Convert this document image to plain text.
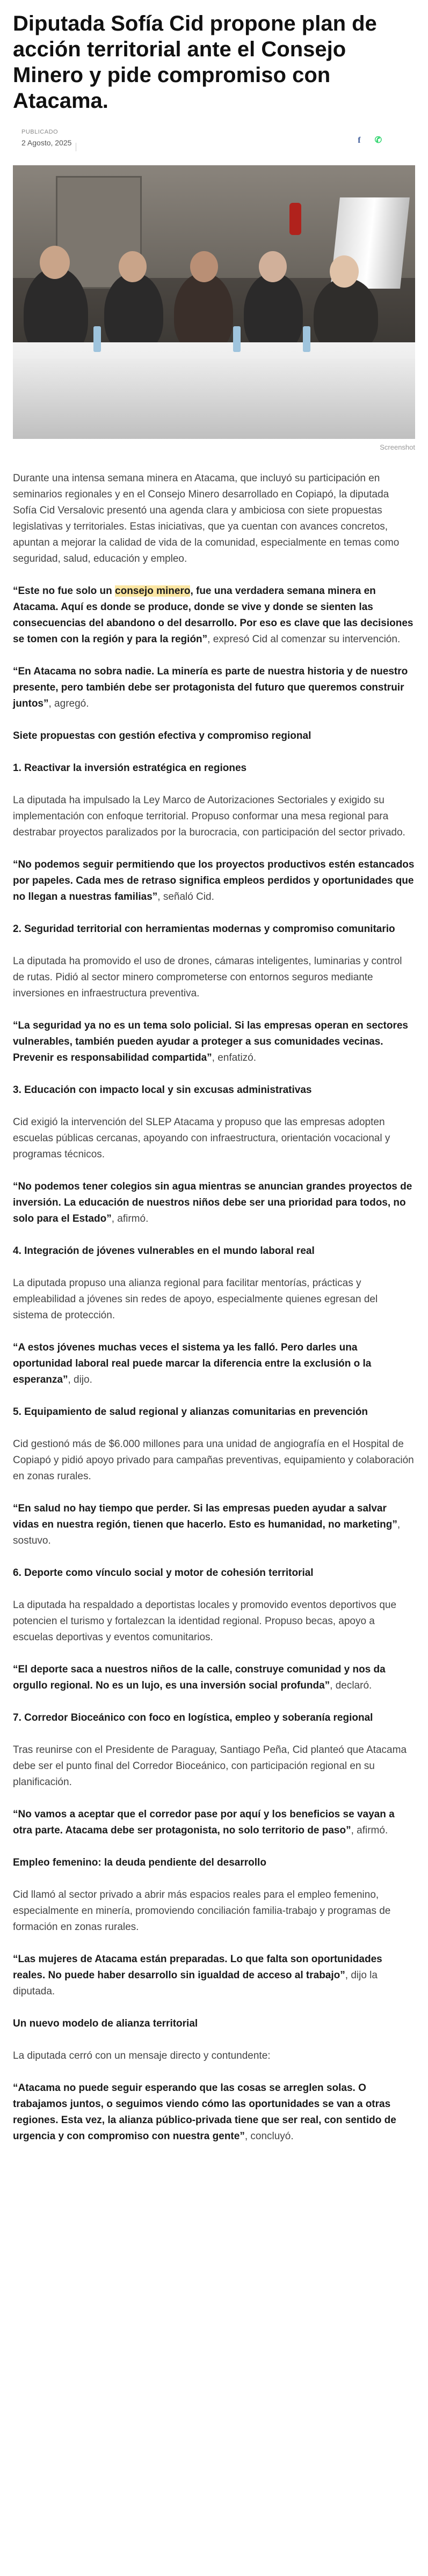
Diputada Sofía Cid propone plan de acción territorial ante el Consejo Minero y pide compromiso con Atacama.
PUBLICADO
2 Agosto, 2025	f ✆
Screenshot

Durante una intensa semana minera en Atacama, que incluyó su participación en seminarios regionales y en el Consejo Minero desarrollado en Copiapó, la diputada Sofía Cid Versalovic presentó una agenda clara y ambiciosa con siete propuestas legislativas y territoriales. Estas iniciativas, que ya cuentan con avances concretos, apuntan a mejorar la calidad de vida de la comunidad, especialmente en temas como seguridad, salud, educación y empleo.

“Este no fue solo un consejo minero, fue una verdadera semana minera en Atacama. Aquí es donde se produce, donde se vive y donde se sienten las consecuencias del abandono o del desarrollo. Por eso es clave que las decisiones se tomen con la región y para la región”, expresó Cid al comenzar su intervención.

“En Atacama no sobra nadie. La minería es parte de nuestra historia y de nuestro presente, pero también debe ser protagonista del futuro que queremos construir juntos”, agregó.

Siete propuestas con gestión efectiva y compromiso regional

1. Reactivar la inversión estratégica en regiones

La diputada ha impulsado la Ley Marco de Autorizaciones Sectoriales y exigido su implementación con enfoque territorial. Propuso conformar una mesa regional para destrabar proyectos paralizados por la burocracia, con participación del sector privado.

“No podemos seguir permitiendo que los proyectos productivos estén estancados por papeles. Cada mes de retraso significa empleos perdidos y oportunidades que no llegan a nuestras familias”, señaló Cid.

2. Seguridad territorial con herramientas modernas y compromiso comunitario

La diputada ha promovido el uso de drones, cámaras inteligentes, luminarias y control de rutas. Pidió al sector minero comprometerse con entornos seguros mediante inversiones en infraestructura preventiva.

“La seguridad ya no es un tema solo policial. Si las empresas operan en sectores vulnerables, también pueden ayudar a proteger a sus comunidades vecinas. Prevenir es responsabilidad compartida”, enfatizó.

3. Educación con impacto local y sin excusas administrativas

Cid exigió la intervención del SLEP Atacama y propuso que las empresas adopten escuelas públicas cercanas, apoyando con infraestructura, orientación vocacional y programas técnicos.

“No podemos tener colegios sin agua mientras se anuncian grandes proyectos de inversión. La educación de nuestros niños debe ser una prioridad para todos, no solo para el Estado”, afirmó.

4. Integración de jóvenes vulnerables en el mundo laboral real

La diputada propuso una alianza regional para facilitar mentorías, prácticas y empleabilidad a jóvenes sin redes de apoyo, especialmente quienes egresan del sistema de protección.

“A estos jóvenes muchas veces el sistema ya les falló. Pero darles una oportunidad laboral real puede marcar la diferencia entre la exclusión o la esperanza”, dijo.

5. Equipamiento de salud regional y alianzas comunitarias en prevención

Cid gestionó más de $6.000 millones para una unidad de angiografía en el Hospital de Copiapó y pidió apoyo privado para campañas preventivas, equipamiento y colaboración en zonas rurales.

“En salud no hay tiempo que perder. Si las empresas pueden ayudar a salvar vidas en nuestra región, tienen que hacerlo. Esto es humanidad, no marketing”, sostuvo.

6. Deporte como vínculo social y motor de cohesión territorial

La diputada ha respaldado a deportistas locales y promovido eventos deportivos que potencien el turismo y fortalezcan la identidad regional. Propuso becas, apoyo a escuelas deportivas y eventos comunitarios.

“El deporte saca a nuestros niños de la calle, construye comunidad y nos da orgullo regional. No es un lujo, es una inversión social profunda”, declaró.

7. Corredor Bioceánico con foco en logística, empleo y soberanía regional

Tras reunirse con el Presidente de Paraguay, Santiago Peña, Cid planteó que Atacama debe ser el punto final del Corredor Bioceánico, con participación regional en su planificación.

“No vamos a aceptar que el corredor pase por aquí y los beneficios se vayan a otra parte. Atacama debe ser protagonista, no solo territorio de paso”, afirmó.

Empleo femenino: la deuda pendiente del desarrollo

Cid llamó al sector privado a abrir más espacios reales para el empleo femenino, especialmente en minería, promoviendo conciliación familia-trabajo y programas de formación en zonas rurales.

“Las mujeres de Atacama están preparadas. Lo que falta son oportunidades reales. No puede haber desarrollo sin igualdad de acceso al trabajo”, dijo la diputada.

Un nuevo modelo de alianza territorial

La diputada cerró con un mensaje directo y contundente:

“Atacama no puede seguir esperando que las cosas se arreglen solas. O trabajamos juntos, o seguimos viendo cómo las oportunidades se van a otras regiones. Esta vez, la alianza público-privada tiene que ser real, con sentido de urgencia y con compromiso con nuestra gente”, concluyó.
